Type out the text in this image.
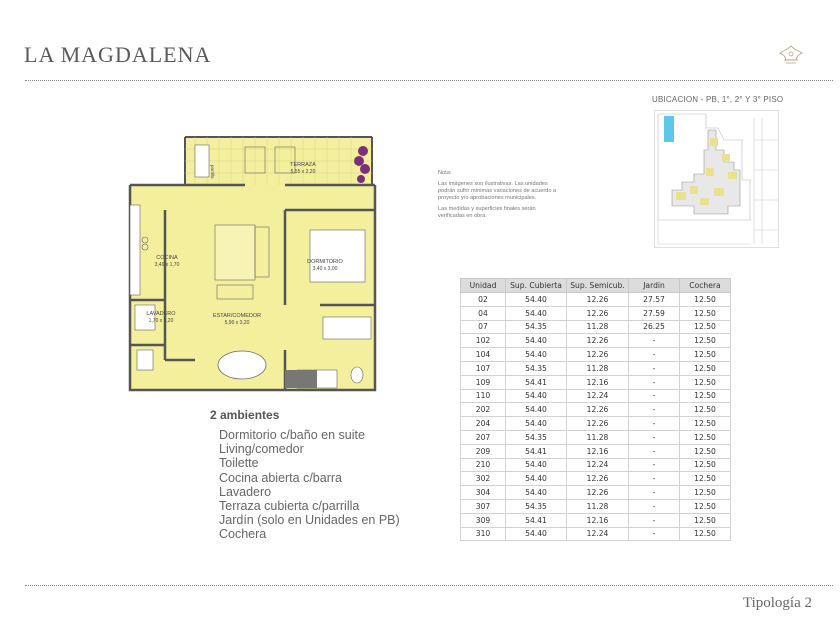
LA MAGDALENA
UBICACION - PB, 1°, 2° Y 3° PISO

Nota:

Las imágenes son ilustrativas. Las unidades podrán sufrir mínimas variaciones de acuerdo a proyecto y/o aprobaciones municipales.

Las medidas y superficies finales serán verificadas en obra.

TERRAZA
5,55 x 2,20
parrilla
DORMITORIO
3,40 x 3,00
COCINA
3,40 x 1,70
LAVADERO
1,70 x 1,20
ESTAR/COMEDOR
5,90 x 3,20
2 ambientes
Dormitorio c/baño en suite
Living/comedor
Toilette
Cocina abierta c/barra
Lavadero
Terraza cubierta c/parrilla
Jardín (solo en Unidades en PB)
Cochera
Unidad	Sup. Cubierta	Sup. Semicub.	Jardin	Cochera
02	54.40	12.26	27.57	12.50
04	54.40	12.26	27.59	12.50
07	54.35	11.28	26.25	12.50
102	54.40	12.26	-	12.50
104	54.40	12.26	-	12.50
107	54.35	11.28	-	12.50
109	54.41	12.16	-	12.50
110	54.40	12.24	-	12.50
202	54.40	12.26	-	12.50
204	54.40	12.26	-	12.50
207	54.35	11.28	-	12.50
209	54.41	12.16	-	12.50
210	54.40	12.24	-	12.50
302	54.40	12.26	-	12.50
304	54.40	12.26	-	12.50
307	54.35	11.28	-	12.50
309	54.41	12.16	-	12.50
310	54.40	12.24	-	12.50
Tipología 2
